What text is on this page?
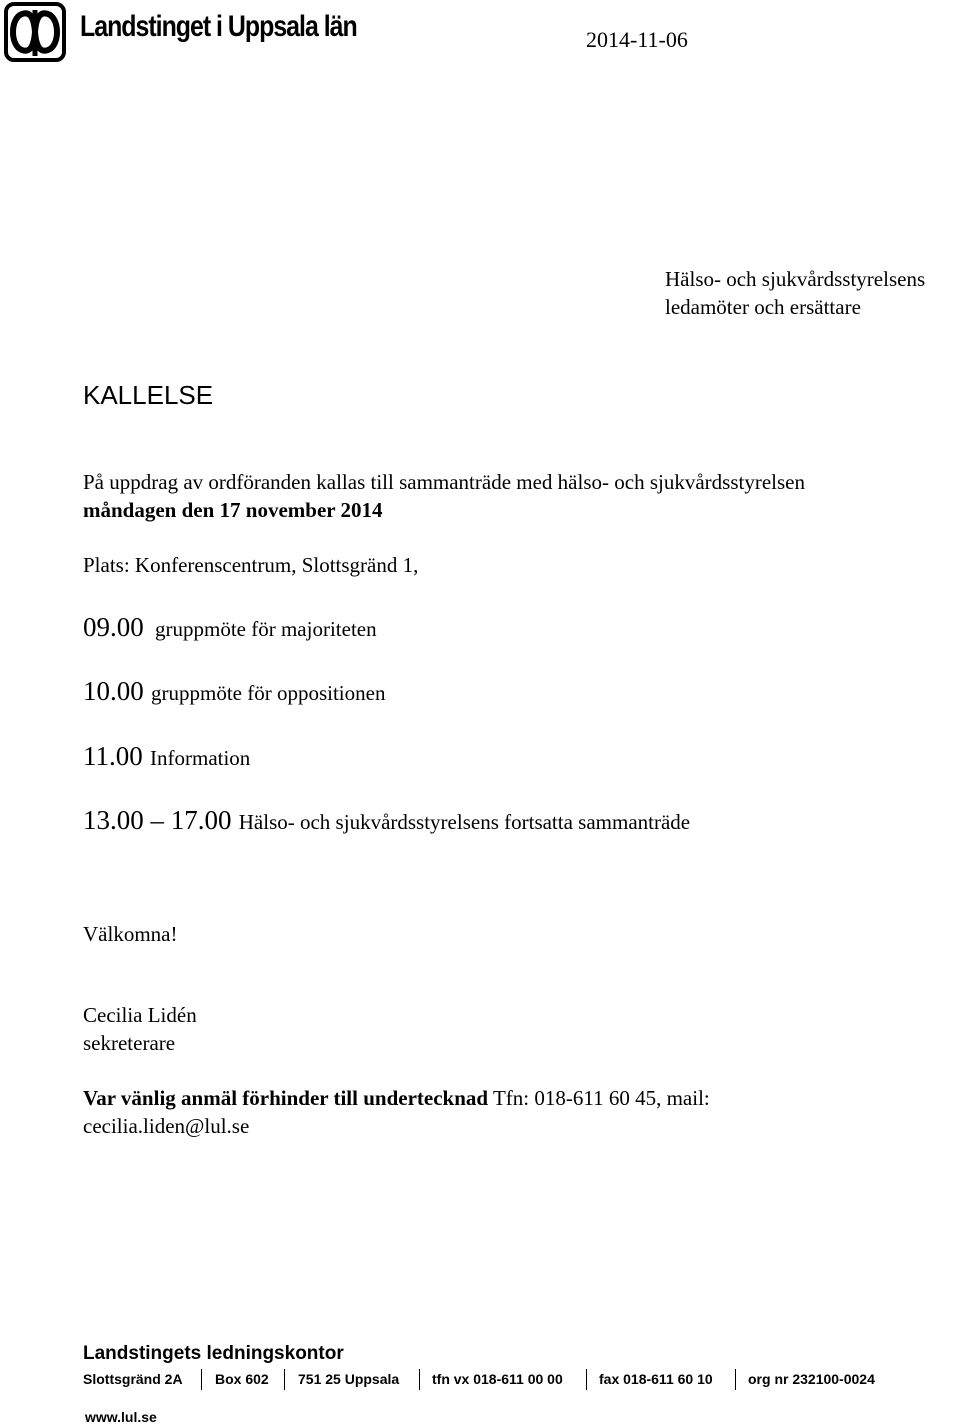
Landstinget i Uppsala län	2014-11-06
Hälso- och sjukvårdsstyrelsens
ledamöter och ersättare
KALLELSE
På uppdrag av ordföranden kallas till sammanträde med hälso- och sjukvårdsstyrelsen
måndagen den 17 november 2014
Plats: Konferenscentrum, Slottsgränd 1,
09.00 gruppmöte för majoriteten
10.00 gruppmöte för oppositionen
11.00 Information
13.00 – 17.00 Hälso- och sjukvårdsstyrelsens fortsatta sammanträde
Välkomna!
Cecilia Lidén
sekreterare
Var vänlig anmäl förhinder till undertecknad Tfn: 018-611 60 45, mail:
cecilia.liden@lul.se
Landstingets ledningskontor
Slottsgränd 2A Box 602 751 25 Uppsala tfn vx 018-611 00 00	fax 018-611 60 10	org nr 232100-0024
www.lul.se
